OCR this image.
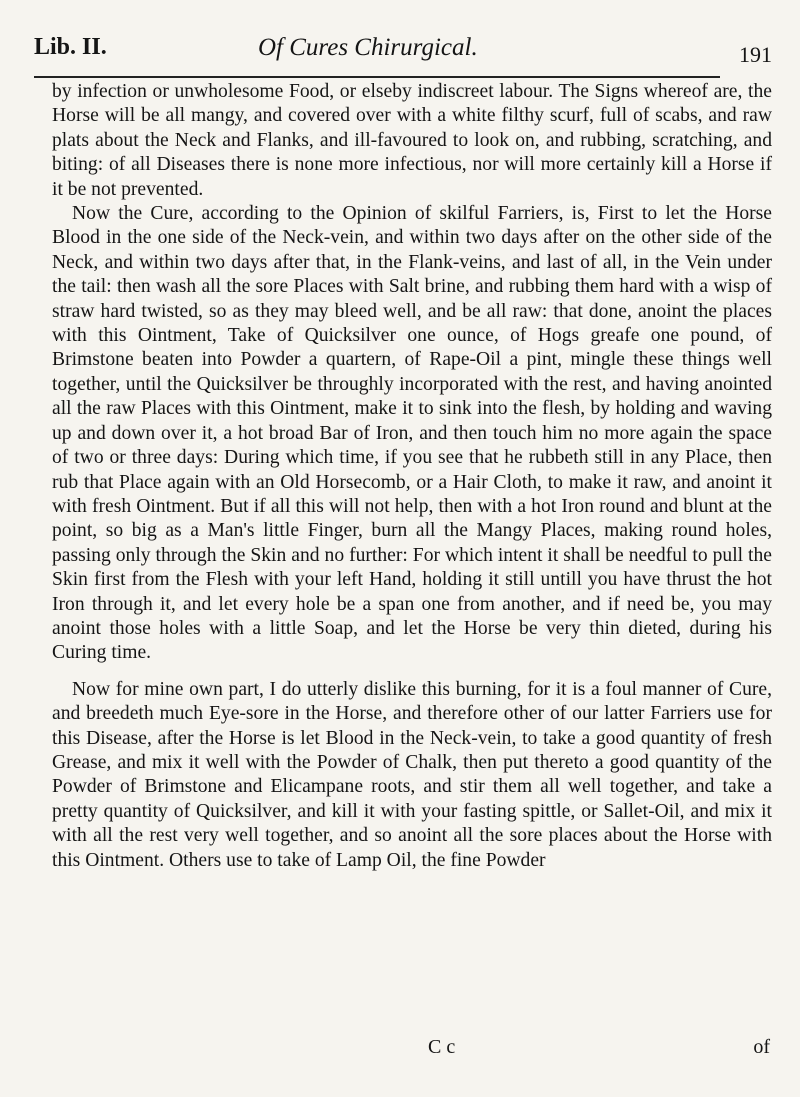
Lib. II.	Of Cures Chirurgical.	191

by infection or unwholesome Food, or elseby indiscreet labour. The Signs whereof are, the Horse will be all mangy, and covered over with a white filthy scurf, full of scabs, and raw plats about the Neck and Flanks, and ill-favoured to look on, and rubbing, scratching, and biting: of all Diseases there is none more infectious, nor will more certainly kill a Horse if it be not prevented.

Now the Cure, according to the Opinion of skilful Farriers, is, First to let the Horse Blood in the one side of the Neck-vein, and within two days after on the other side of the Neck, and within two days after that, in the Flank-veins, and last of all, in the Vein under the tail: then wash all the sore Places with Salt brine, and rubbing them hard with a wisp of straw hard twisted, so as they may bleed well, and be all raw: that done, anoint the places with this Ointment, Take of Quicksilver one ounce, of Hogs greafe one pound, of Brimstone beaten into Powder a quartern, of Rape-Oil a pint, mingle these things well together, until the Quicksilver be throughly incorporated with the rest, and having anointed all the raw Places with this Ointment, make it to sink into the flesh, by holding and waving up and down over it, a hot broad Bar of Iron, and then touch him no more again the space of two or three days: During which time, if you see that he rubbeth still in any Place, then rub that Place again with an Old Horsecomb, or a Hair Cloth, to make it raw, and anoint it with fresh Ointment. But if all this will not help, then with a hot Iron round and blunt at the point, so big as a Man's little Finger, burn all the Mangy Places, making round holes, passing only through the Skin and no further: For which intent it shall be needful to pull the Skin first from the Flesh with your left Hand, holding it still untill you have thrust the hot Iron through it, and let every hole be a span one from another, and if need be, you may anoint those holes with a little Soap, and let the Horse be very thin dieted, during his Curing time.

Now for mine own part, I do utterly dislike this burning, for it is a foul manner of Cure, and breedeth much Eye-sore in the Horse, and therefore other of our latter Farriers use for this Disease, after the Horse is let Blood in the Neck-vein, to take a good quantity of fresh Grease, and mix it well with the Powder of Chalk, then put thereto a good quantity of the Powder of Brimstone and Elicampane roots, and stir them all well together, and take a pretty quantity of Quicksilver, and kill it with your fasting spittle, or Sallet-Oil, and mix it with all the rest very well together, and so anoint all the sore places about the Horse with this Ointment. Others use to take of Lamp Oil, the fine Powder

C c	of
